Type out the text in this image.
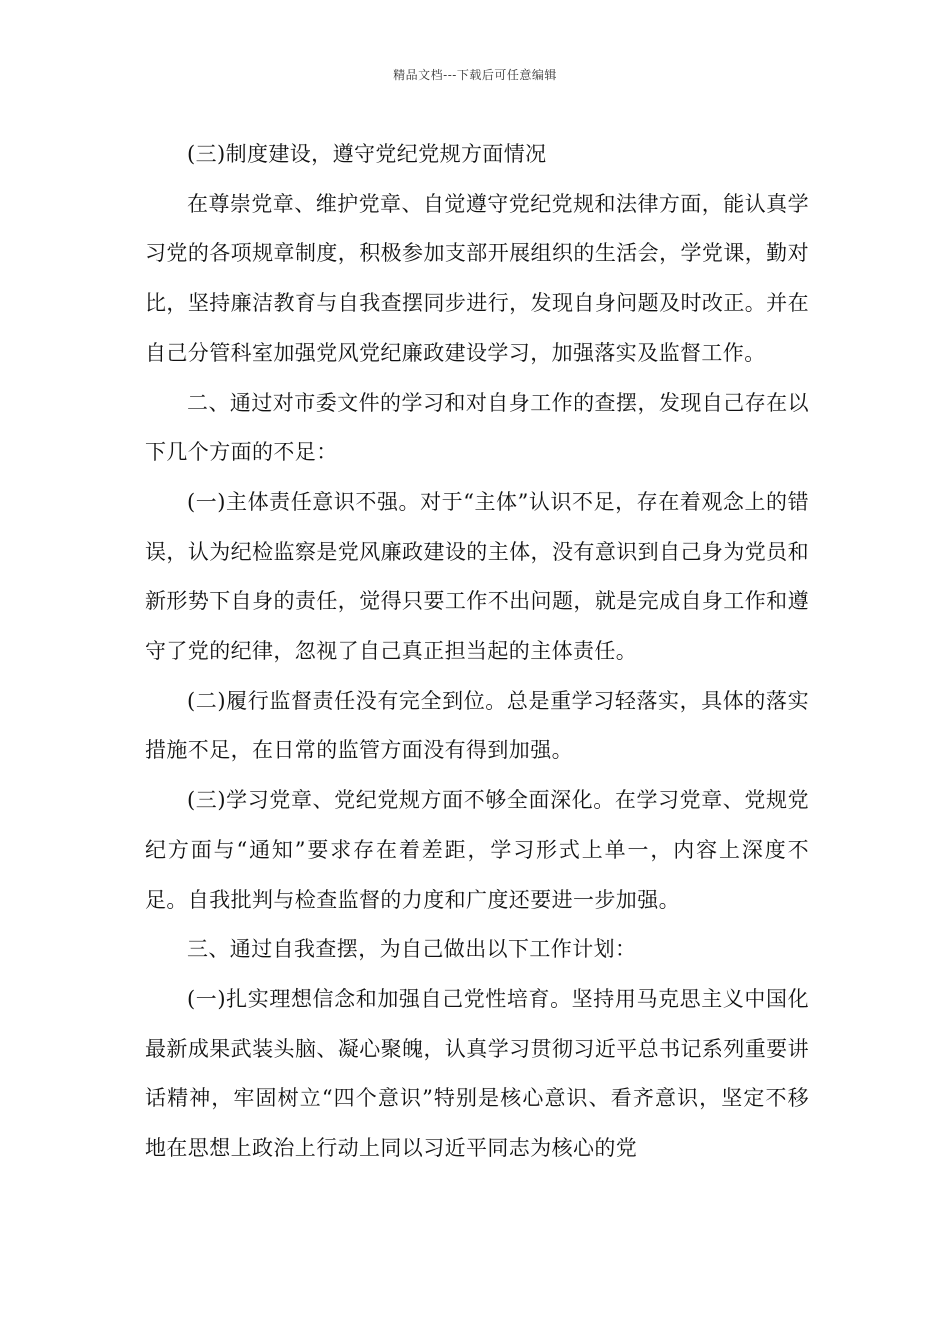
精品文档---下载后可任意编辑

(三)制度建设，遵守党纪党规方面情况

在尊崇党章、维护党章、自觉遵守党纪党规和法律方面，能认真学习党的各项规章制度，积极参加支部开展组织的生活会，学党课，勤对比，坚持廉洁教育与自我查摆同步进行，发现自身问题及时改正。并在自己分管科室加强党风党纪廉政建设学习，加强落实及监督工作。

二、通过对市委文件的学习和对自身工作的查摆，发现自己存在以下几个方面的不足：

(一)主体责任意识不强。对于“主体”认识不足，存在着观念上的错误，认为纪检监察是党风廉政建设的主体，没有意识到自己身为党员和新形势下自身的责任，觉得只要工作不出问题，就是完成自身工作和遵守了党的纪律，忽视了自己真正担当起的主体责任。

(二)履行监督责任没有完全到位。总是重学习轻落实，具体的落实措施不足，在日常的监管方面没有得到加强。

(三)学习党章、党纪党规方面不够全面深化。在学习党章、党规党纪方面与“通知”要求存在着差距，学习形式上单一，内容上深度不足。自我批判与检查监督的力度和广度还要进一步加强。

三、通过自我查摆，为自己做出以下工作计划：

(一)扎实理想信念和加强自己党性培育。坚持用马克思主义中国化最新成果武装头脑、凝心聚魄，认真学习贯彻习近平总书记系列重要讲话精神，牢固树立“四个意识”特别是核心意识、看齐意识，坚定不移地在思想上政治上行动上同以习近平同志为核心的党
